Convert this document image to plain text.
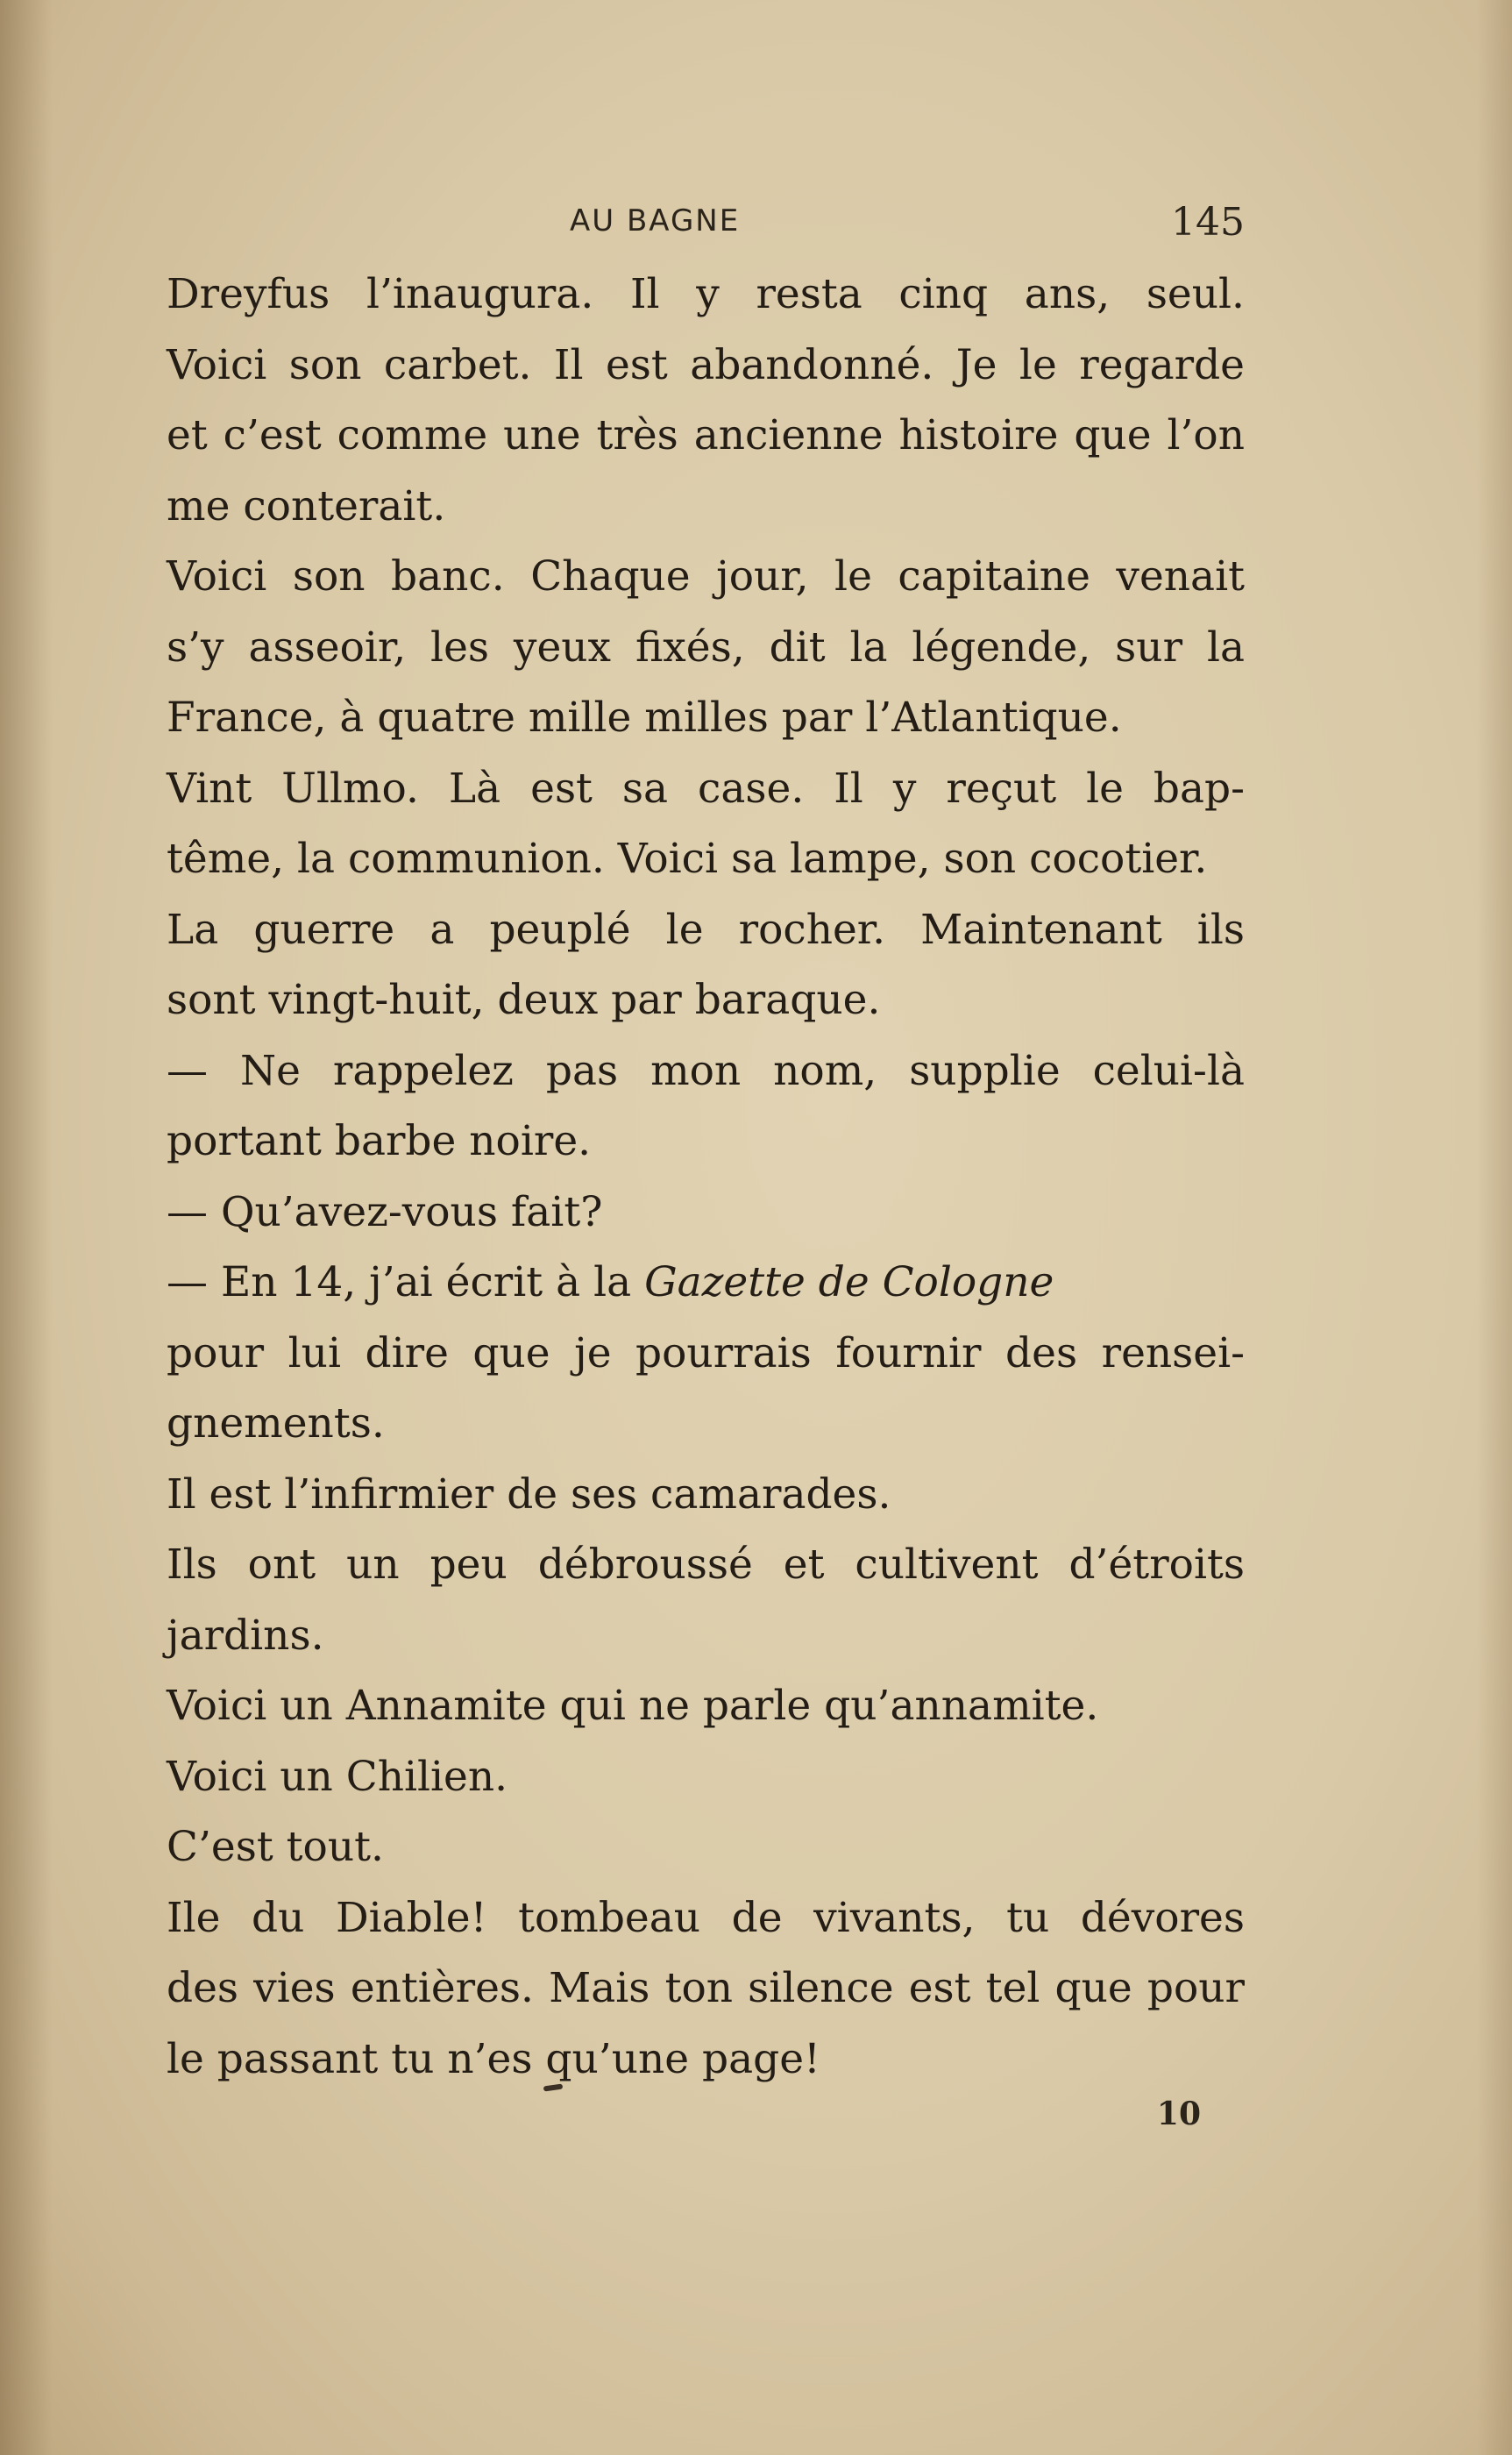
AU BAGNE	145
Dreyfus l’inaugura. Il y resta cinq ans, seul.
Voici son carbet. Il est abandonné. Je le regarde
et c’est comme une très ancienne histoire que l’on
me conterait.
Voici son banc. Chaque jour, le capitaine venait
s’y asseoir, les yeux fixés, dit la légende, sur la
France, à quatre mille milles par l’Atlantique.
Vint Ullmo. Là est sa case. Il y reçut le bap-
tême, la communion. Voici sa lampe, son cocotier.
La guerre a peuplé le rocher. Maintenant ils
sont vingt-huit, deux par baraque.
— Ne rappelez pas mon nom, supplie celui-là
portant barbe noire.
— Qu’avez-vous fait?
— En 14, j’ai écrit à la Gazette de Cologne
pour lui dire que je pourrais fournir des rensei-
gnements.
Il est l’infirmier de ses camarades.
Ils ont un peu débroussé et cultivent d’étroits
jardins.
Voici un Annamite qui ne parle qu’annamite.
Voici un Chilien.
C’est tout.
Ile du Diable! tombeau de vivants, tu dévores
des vies entières. Mais ton silence est tel que pour
le passant tu n’es qu’une page!
10
